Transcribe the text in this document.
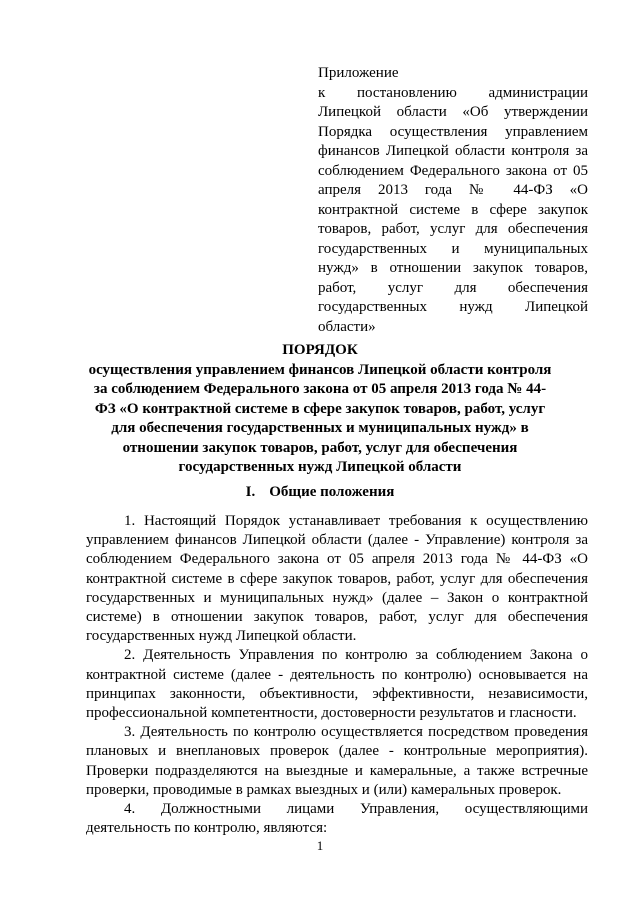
Приложение
к постановлению администрации Липецкой области «Об утверждении Порядка осуществления управлением финансов Липецкой области контроля за соблюдением Федерального закона от 05 апреля 2013 года № 44-ФЗ «О контрактной системе в сфере закупок товаров, работ, услуг для обеспечения государственных и муниципальных нужд» в отношении закупок товаров, работ, услуг для обеспечения государственных нужд Липецкой области»
ПОРЯДОК
осуществления управлением финансов Липецкой области контроля за соблюдением Федерального закона от 05 апреля 2013 года № 44-ФЗ «О контрактной системе в сфере закупок товаров, работ, услуг для обеспечения государственных и муниципальных нужд» в отношении закупок товаров, работ, услуг для обеспечения государственных нужд Липецкой области
I. Общие положения

1. Настоящий Порядок устанавливает требования к осуществлению управлением финансов Липецкой области (далее - Управление) контроля за соблюдением Федерального закона от 05 апреля 2013 года № 44-ФЗ «О контрактной системе в сфере закупок товаров, работ, услуг для обеспечения государственных и муниципальных нужд» (далее – Закон о контрактной системе) в отношении закупок товаров, работ, услуг для обеспечения государственных нужд Липецкой области.

2. Деятельность Управления по контролю за соблюдением Закона о контрактной системе (далее - деятельность по контролю) основывается на принципах законности, объективности, эффективности, независимости, профессиональной компетентности, достоверности результатов и гласности.

3. Деятельность по контролю осуществляется посредством проведения плановых и внеплановых проверок (далее - контрольные мероприятия). Проверки подразделяются на выездные и камеральные, а также встречные проверки, проводимые в рамках выездных и (или) камеральных проверок.

4. Должностными лицами Управления, осуществляющими деятельность по контролю, являются:

1
